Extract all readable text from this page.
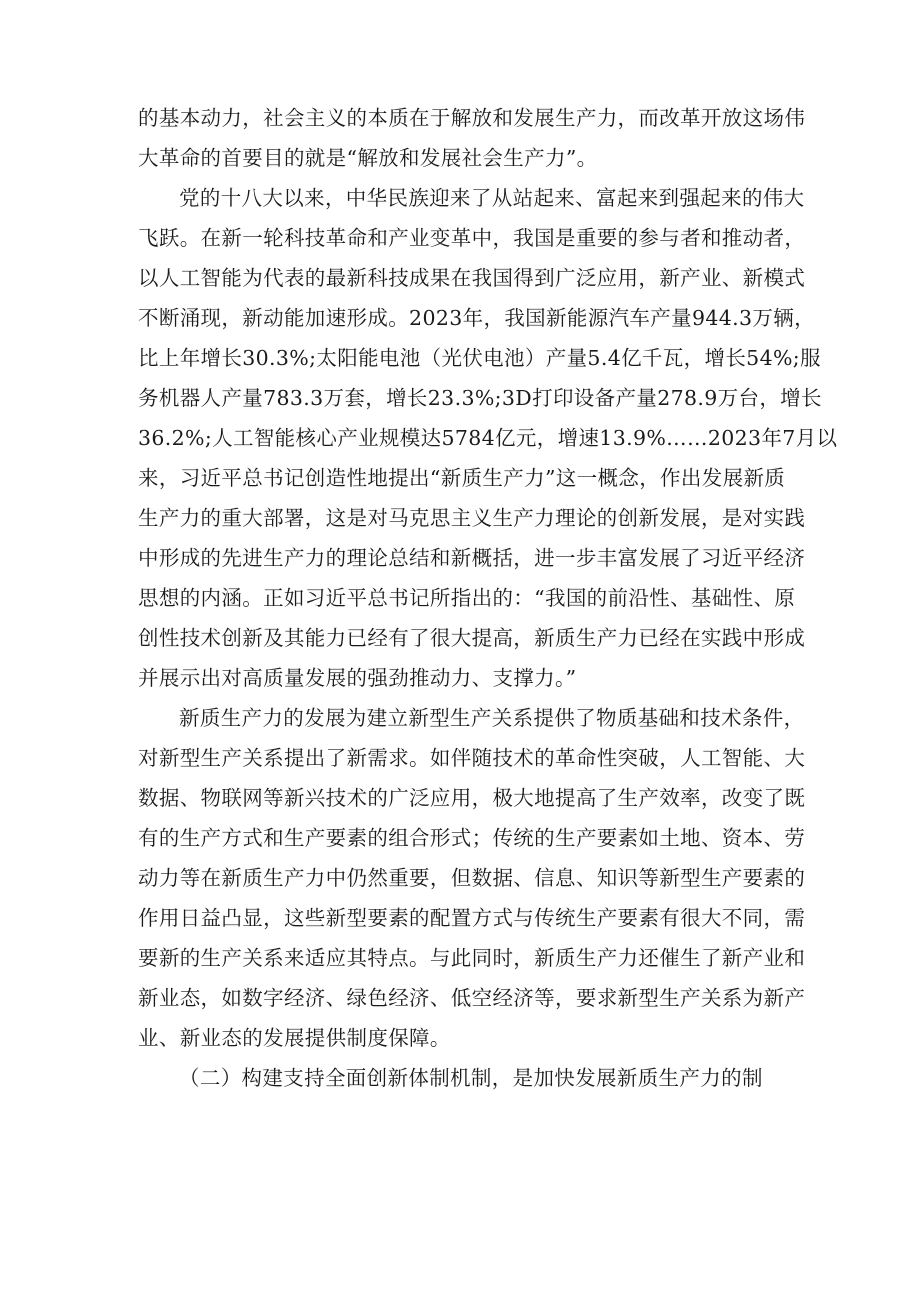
的基本动力，社会主义的本质在于解放和发展生产力，而改革开放这场伟
大革命的首要目的就是“解放和发展社会生产力”。
党的十八大以来，中华民族迎来了从站起来、富起来到强起来的伟大
飞跃。在新一轮科技革命和产业变革中，我国是重要的参与者和推动者，
以人工智能为代表的最新科技成果在我国得到广泛应用，新产业、新模式
不断涌现，新动能加速形成。2023年，我国新能源汽车产量944.3万辆，
比上年增长30.3%;太阳能电池（光伏电池）产量5.4亿千瓦，增长54%;服
务机器人产量783.3万套，增长23.3%;3D打印设备产量278.9万台，增长
36.2%;人工智能核心产业规模达5784亿元，增速13.9%……2023年7月以
来，习近平总书记创造性地提出“新质生产力”这一概念，作出发展新质
生产力的重大部署，这是对马克思主义生产力理论的创新发展，是对实践
中形成的先进生产力的理论总结和新概括，进一步丰富发展了习近平经济
思想的内涵。正如习近平总书记所指出的：“我国的前沿性、基础性、原
创性技术创新及其能力已经有了很大提高，新质生产力已经在实践中形成
并展示出对高质量发展的强劲推动力、支撑力。”
新质生产力的发展为建立新型生产关系提供了物质基础和技术条件，
对新型生产关系提出了新需求。如伴随技术的革命性突破，人工智能、大
数据、物联网等新兴技术的广泛应用，极大地提高了生产效率，改变了既
有的生产方式和生产要素的组合形式；传统的生产要素如土地、资本、劳
动力等在新质生产力中仍然重要，但数据、信息、知识等新型生产要素的
作用日益凸显，这些新型要素的配置方式与传统生产要素有很大不同，需
要新的生产关系来适应其特点。与此同时，新质生产力还催生了新产业和
新业态，如数字经济、绿色经济、低空经济等，要求新型生产关系为新产
业、新业态的发展提供制度保障。
（二）构建支持全面创新体制机制，是加快发展新质生产力的制
